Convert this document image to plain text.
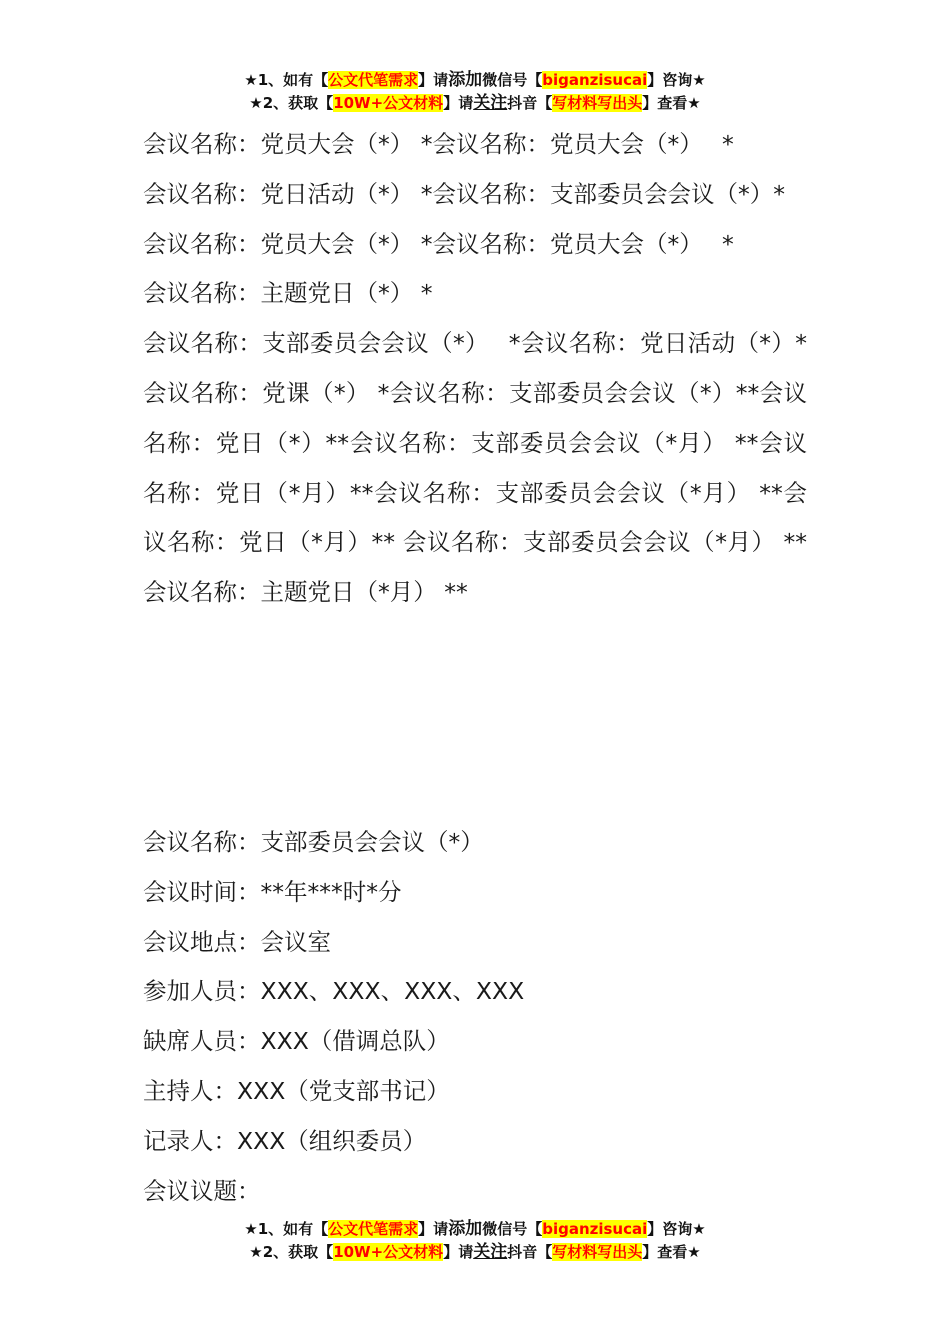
★1、如有【公文代笔需求】请添加微信号【biganzisucai】咨询★
★2、获取【10W+公文材料】请关注抖音【写材料写出头】查看★

会议名称：党员大会（*） *会议名称：党员大会（*）　 *

会议名称：党日活动（*） *会议名称：支部委员会会议（*）*

会议名称：党员大会（*） *会议名称：党员大会（*）　 *

会议名称：主题党日（*） *

会议名称：支部委员会会议（*）　 *会议名称：党日活动（*）*会议名称：党课（*） *会议名称：支部委员会会议（*）**会议名称：党日（*）**会议名称：支部委员会会议（*月） **会议名称：党日（*月）**会议名称：支部委员会会议（*月） **会议名称：党日（*月）** 会议名称：支部委员会会议（*月） **会议名称：主题党日（*月） **

会议名称：支部委员会会议（*）

会议时间：**年***时*分

会议地点：会议室

参加人员：XXX、XXX、XXX、XXX

缺席人员：XXX（借调总队）

主持人：XXX（党支部书记）

记录人：XXX（组织委员）

会议议题：

★1、如有【公文代笔需求】请添加微信号【biganzisucai】咨询★
★2、获取【10W+公文材料】请关注抖音【写材料写出头】查看★
